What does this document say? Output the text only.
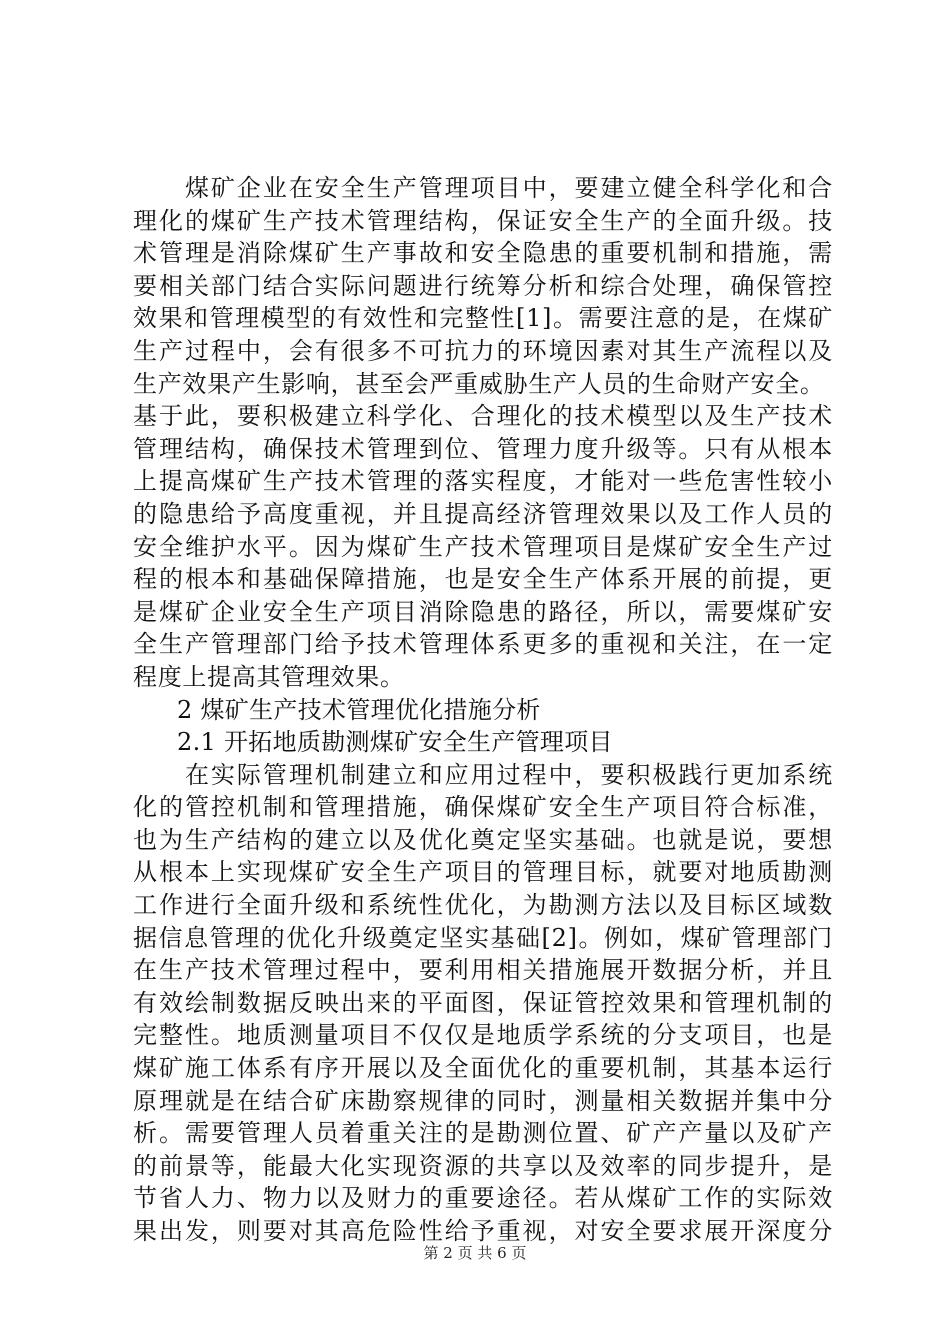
　　煤矿企业在安全生产管理项目中，要建立健全科学化和合
理化的煤矿生产技术管理结构，保证安全生产的全面升级。技
术管理是消除煤矿生产事故和安全隐患的重要机制和措施，需
要相关部门结合实际问题进行统筹分析和综合处理，确保管控
效果和管理模型的有效性和完整性[1]。需要注意的是，在煤矿
生产过程中，会有很多不可抗力的环境因素对其生产流程以及
生产效果产生影响，甚至会严重威胁生产人员的生命财产安全。
基于此，要积极建立科学化、合理化的技术模型以及生产技术
管理结构，确保技术管理到位、管理力度升级等。只有从根本
上提高煤矿生产技术管理的落实程度，才能对一些危害性较小
的隐患给予高度重视，并且提高经济管理效果以及工作人员的
安全维护水平。因为煤矿生产技术管理项目是煤矿安全生产过
程的根本和基础保障措施，也是安全生产体系开展的前提，更
是煤矿企业安全生产项目消除隐患的路径，所以，需要煤矿安
全生产管理部门给予技术管理体系更多的重视和关注，在一定
程度上提高其管理效果。
2 煤矿生产技术管理优化措施分析
2.1 开拓地质勘测煤矿安全生产管理项目
　　在实际管理机制建立和应用过程中，要积极践行更加系统
化的管控机制和管理措施，确保煤矿安全生产项目符合标准，
也为生产结构的建立以及优化奠定坚实基础。也就是说，要想
从根本上实现煤矿安全生产项目的管理目标，就要对地质勘测
工作进行全面升级和系统性优化，为勘测方法以及目标区域数
据信息管理的优化升级奠定坚实基础[2]。例如，煤矿管理部门
在生产技术管理过程中，要利用相关措施展开数据分析，并且
有效绘制数据反映出来的平面图，保证管控效果和管理机制的
完整性。地质测量项目不仅仅是地质学系统的分支项目，也是
煤矿施工体系有序开展以及全面优化的重要机制，其基本运行
原理就是在结合矿床勘察规律的同时，测量相关数据并集中分
析。需要管理人员着重关注的是勘测位置、矿产产量以及矿产
的前景等，能最大化实现资源的共享以及效率的同步提升，是
节省人力、物力以及财力的重要途径。若从煤矿工作的实际效
果出发，则要对其高危险性给予重视，对安全要求展开深度分
第 2 页 共 6 页
